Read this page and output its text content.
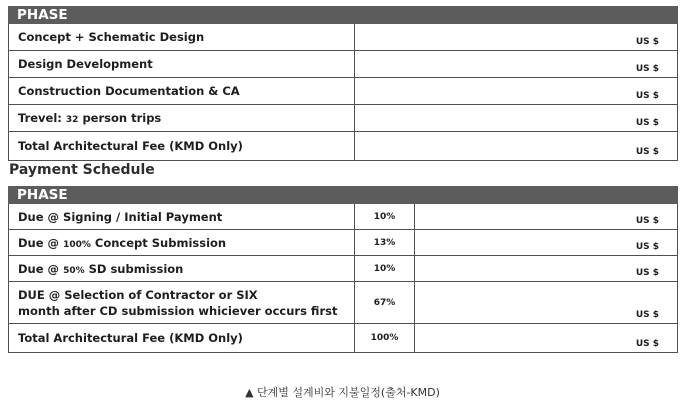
PHASE	
Concept + Schematic Design	US $
Design Development	US $
Construction Documentation & CA	US $
Trevel: 32 person trips	US $
Total Architectural Fee (KMD Only)	US $
Payment Schedule
PHASE		
Due @ Signing / Initial Payment	10%	US $
Due @ 100% Concept Submission	13%	US $
Due @ 50% SD submission	10%	US $

DUE @ Selection of Contractor or SIX
month after CD submission whiciever occurs first	67%	US $
Total Architectural Fee (KMD Only)	100%	US $
▲ 단계별 설계비와 지불일정(출처-KMD)
